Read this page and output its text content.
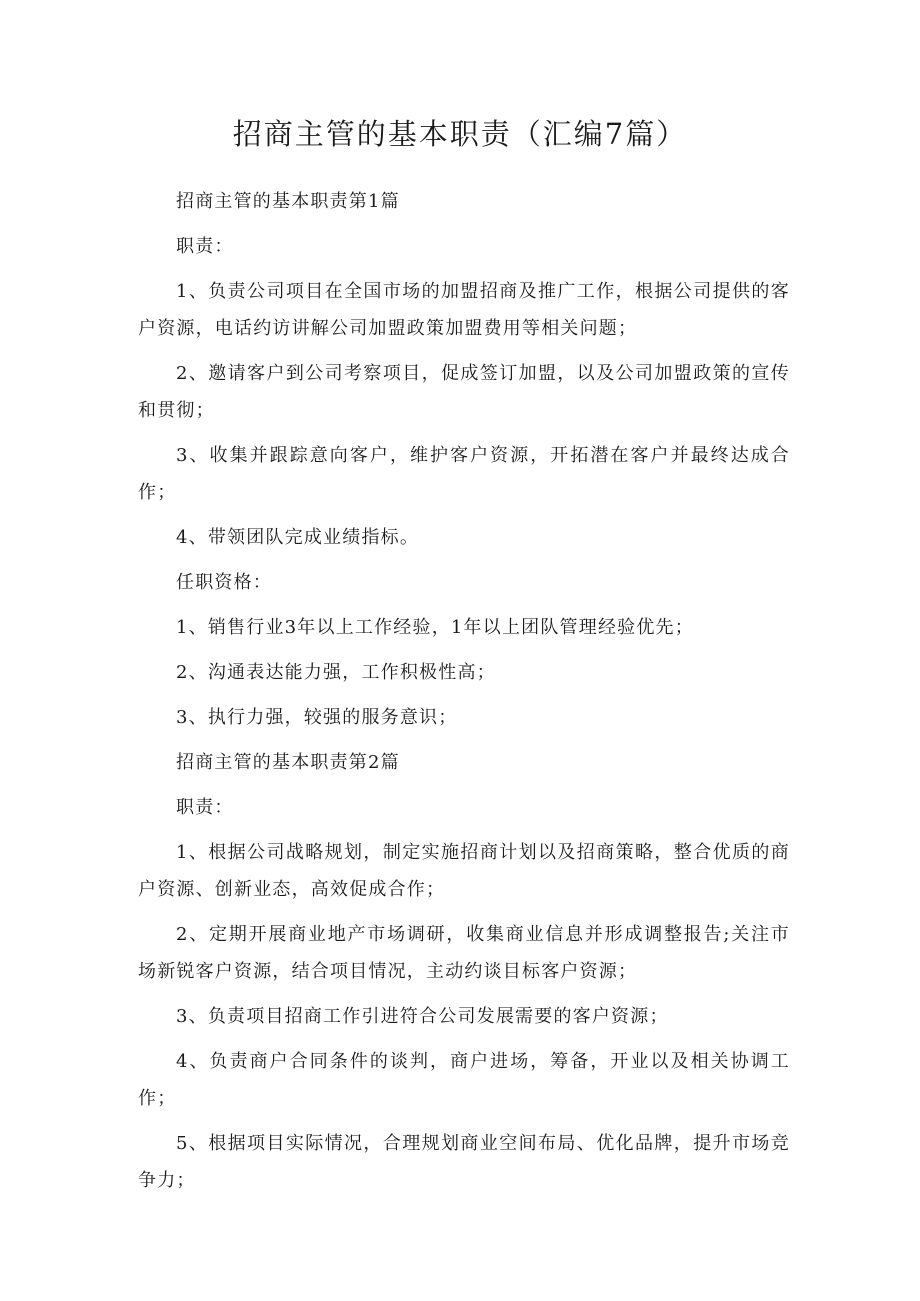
招商主管的基本职责（汇编7篇）

招商主管的基本职责第1篇

职责：

1、负责公司项目在全国市场的加盟招商及推广工作，根据公司提供的客户资源，电话约访讲解公司加盟政策加盟费用等相关问题；

2、邀请客户到公司考察项目，促成签订加盟，以及公司加盟政策的宣传和贯彻；

3、收集并跟踪意向客户，维护客户资源，开拓潜在客户并最终达成合作；

4、带领团队完成业绩指标。

任职资格：

1、销售行业3年以上工作经验，1年以上团队管理经验优先；

2、沟通表达能力强，工作积极性高；

3、执行力强，较强的服务意识；

招商主管的基本职责第2篇

职责：

1、根据公司战略规划，制定实施招商计划以及招商策略，整合优质的商户资源、创新业态，高效促成合作；

2、定期开展商业地产市场调研，收集商业信息并形成调整报告;关注市场新锐客户资源，结合项目情况，主动约谈目标客户资源；

3、负责项目招商工作引进符合公司发展需要的客户资源；

4、负责商户合同条件的谈判，商户进场，筹备，开业以及相关协调工作；

5、根据项目实际情况，合理规划商业空间布局、优化品牌，提升市场竞争力；
